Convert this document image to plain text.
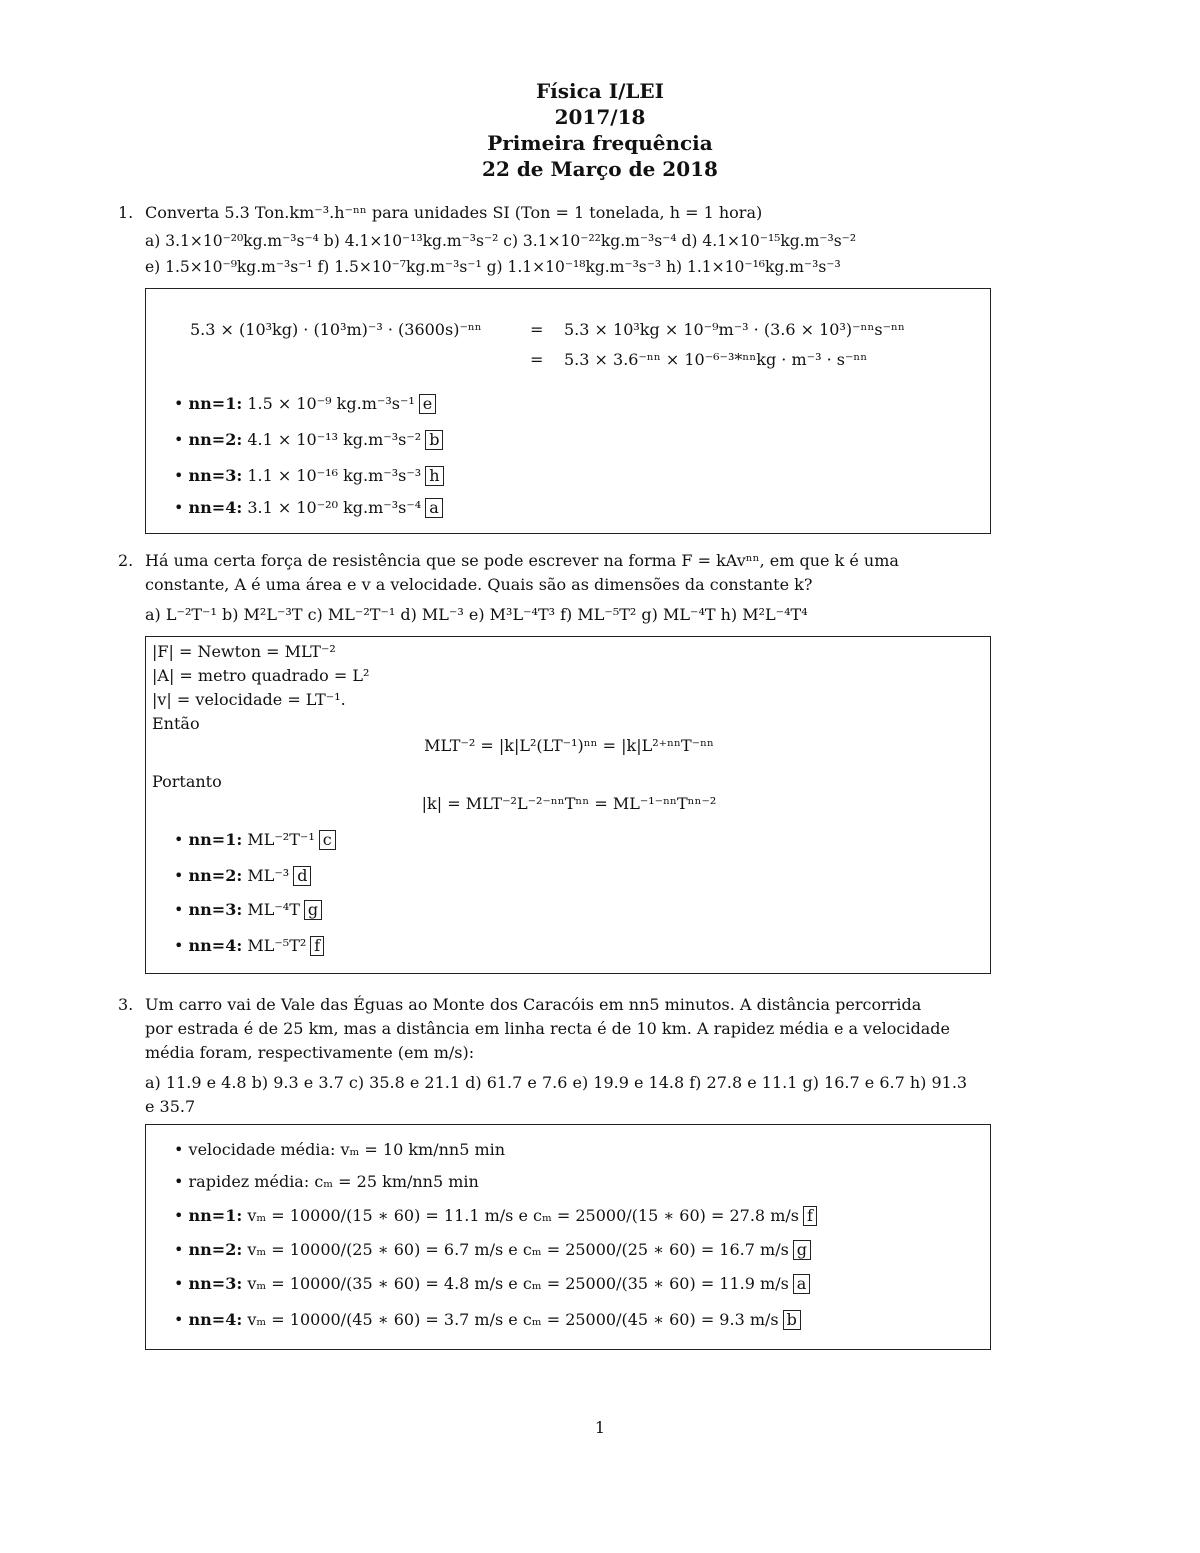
Física I/LEI
2017/18
Primeira frequência
22 de Março de 2018
1. Converta 5.3 Ton.km⁻³.h⁻ⁿⁿ para unidades SI (Ton = 1 tonelada, h = 1 hora)
a) 3.1×10⁻²⁰kg.m⁻³s⁻⁴ b) 4.1×10⁻¹³kg.m⁻³s⁻² c) 3.1×10⁻²²kg.m⁻³s⁻⁴ d) 4.1×10⁻¹⁵kg.m⁻³s⁻²
e) 1.5×10⁻⁹kg.m⁻³s⁻¹ f) 1.5×10⁻⁷kg.m⁻³s⁻¹ g) 1.1×10⁻¹⁸kg.m⁻³s⁻³ h) 1.1×10⁻¹⁶kg.m⁻³s⁻³
5.3 × (10³kg) · (10³m)⁻³ · (3600s)⁻ⁿⁿ	= 5.3 × 10³kg × 10⁻⁹m⁻³ · (3.6 × 10³)⁻ⁿⁿs⁻ⁿⁿ
= 5.3 × 3.6⁻ⁿⁿ × 10⁻⁶⁻³*ⁿⁿkg · m⁻³ · s⁻ⁿⁿ
• nn=1: 1.5 × 10⁻⁹ kg.m⁻³s⁻¹ e
• nn=2: 4.1 × 10⁻¹³ kg.m⁻³s⁻² b
• nn=3: 1.1 × 10⁻¹⁶ kg.m⁻³s⁻³ h
• nn=4: 3.1 × 10⁻²⁰ kg.m⁻³s⁻⁴ a
2. Há uma certa força de resistência que se pode escrever na forma F = kAvⁿⁿ, em que k é uma
constante, A é uma área e v a velocidade. Quais são as dimensões da constante k?
a) L⁻²T⁻¹ b) M²L⁻³T c) ML⁻²T⁻¹ d) ML⁻³ e) M³L⁻⁴T³ f) ML⁻⁵T² g) ML⁻⁴T h) M²L⁻⁴T⁴
|F| = Newton = MLT⁻²
|A| = metro quadrado = L²
|v| = velocidade = LT⁻¹.
Então
MLT⁻² = |k|L²(LT⁻¹)ⁿⁿ = |k|L²⁺ⁿⁿT⁻ⁿⁿ
Portanto
|k| = MLT⁻²L⁻²⁻ⁿⁿTⁿⁿ = ML⁻¹⁻ⁿⁿTⁿⁿ⁻²
• nn=1: ML⁻²T⁻¹ c
• nn=2: ML⁻³ d
• nn=3: ML⁻⁴T g
• nn=4: ML⁻⁵T² f
3. Um carro vai de Vale das Éguas ao Monte dos Caracóis em nn5 minutos. A distância percorrida
por estrada é de 25 km, mas a distância em linha recta é de 10 km. A rapidez média e a velocidade
média foram, respectivamente (em m/s):
a) 11.9 e 4.8 b) 9.3 e 3.7 c) 35.8 e 21.1 d) 61.7 e 7.6 e) 19.9 e 14.8 f) 27.8 e 11.1 g) 16.7 e 6.7 h) 91.3
e 35.7
• velocidade média: vₘ = 10 km/nn5 min
• rapidez média: cₘ = 25 km/nn5 min
• nn=1: vₘ = 10000/(15 ∗ 60) = 11.1 m/s e cₘ = 25000/(15 ∗ 60) = 27.8 m/s f
• nn=2: vₘ = 10000/(25 ∗ 60) = 6.7 m/s e cₘ = 25000/(25 ∗ 60) = 16.7 m/s g
• nn=3: vₘ = 10000/(35 ∗ 60) = 4.8 m/s e cₘ = 25000/(35 ∗ 60) = 11.9 m/s a
• nn=4: vₘ = 10000/(45 ∗ 60) = 3.7 m/s e cₘ = 25000/(45 ∗ 60) = 9.3 m/s b
1
